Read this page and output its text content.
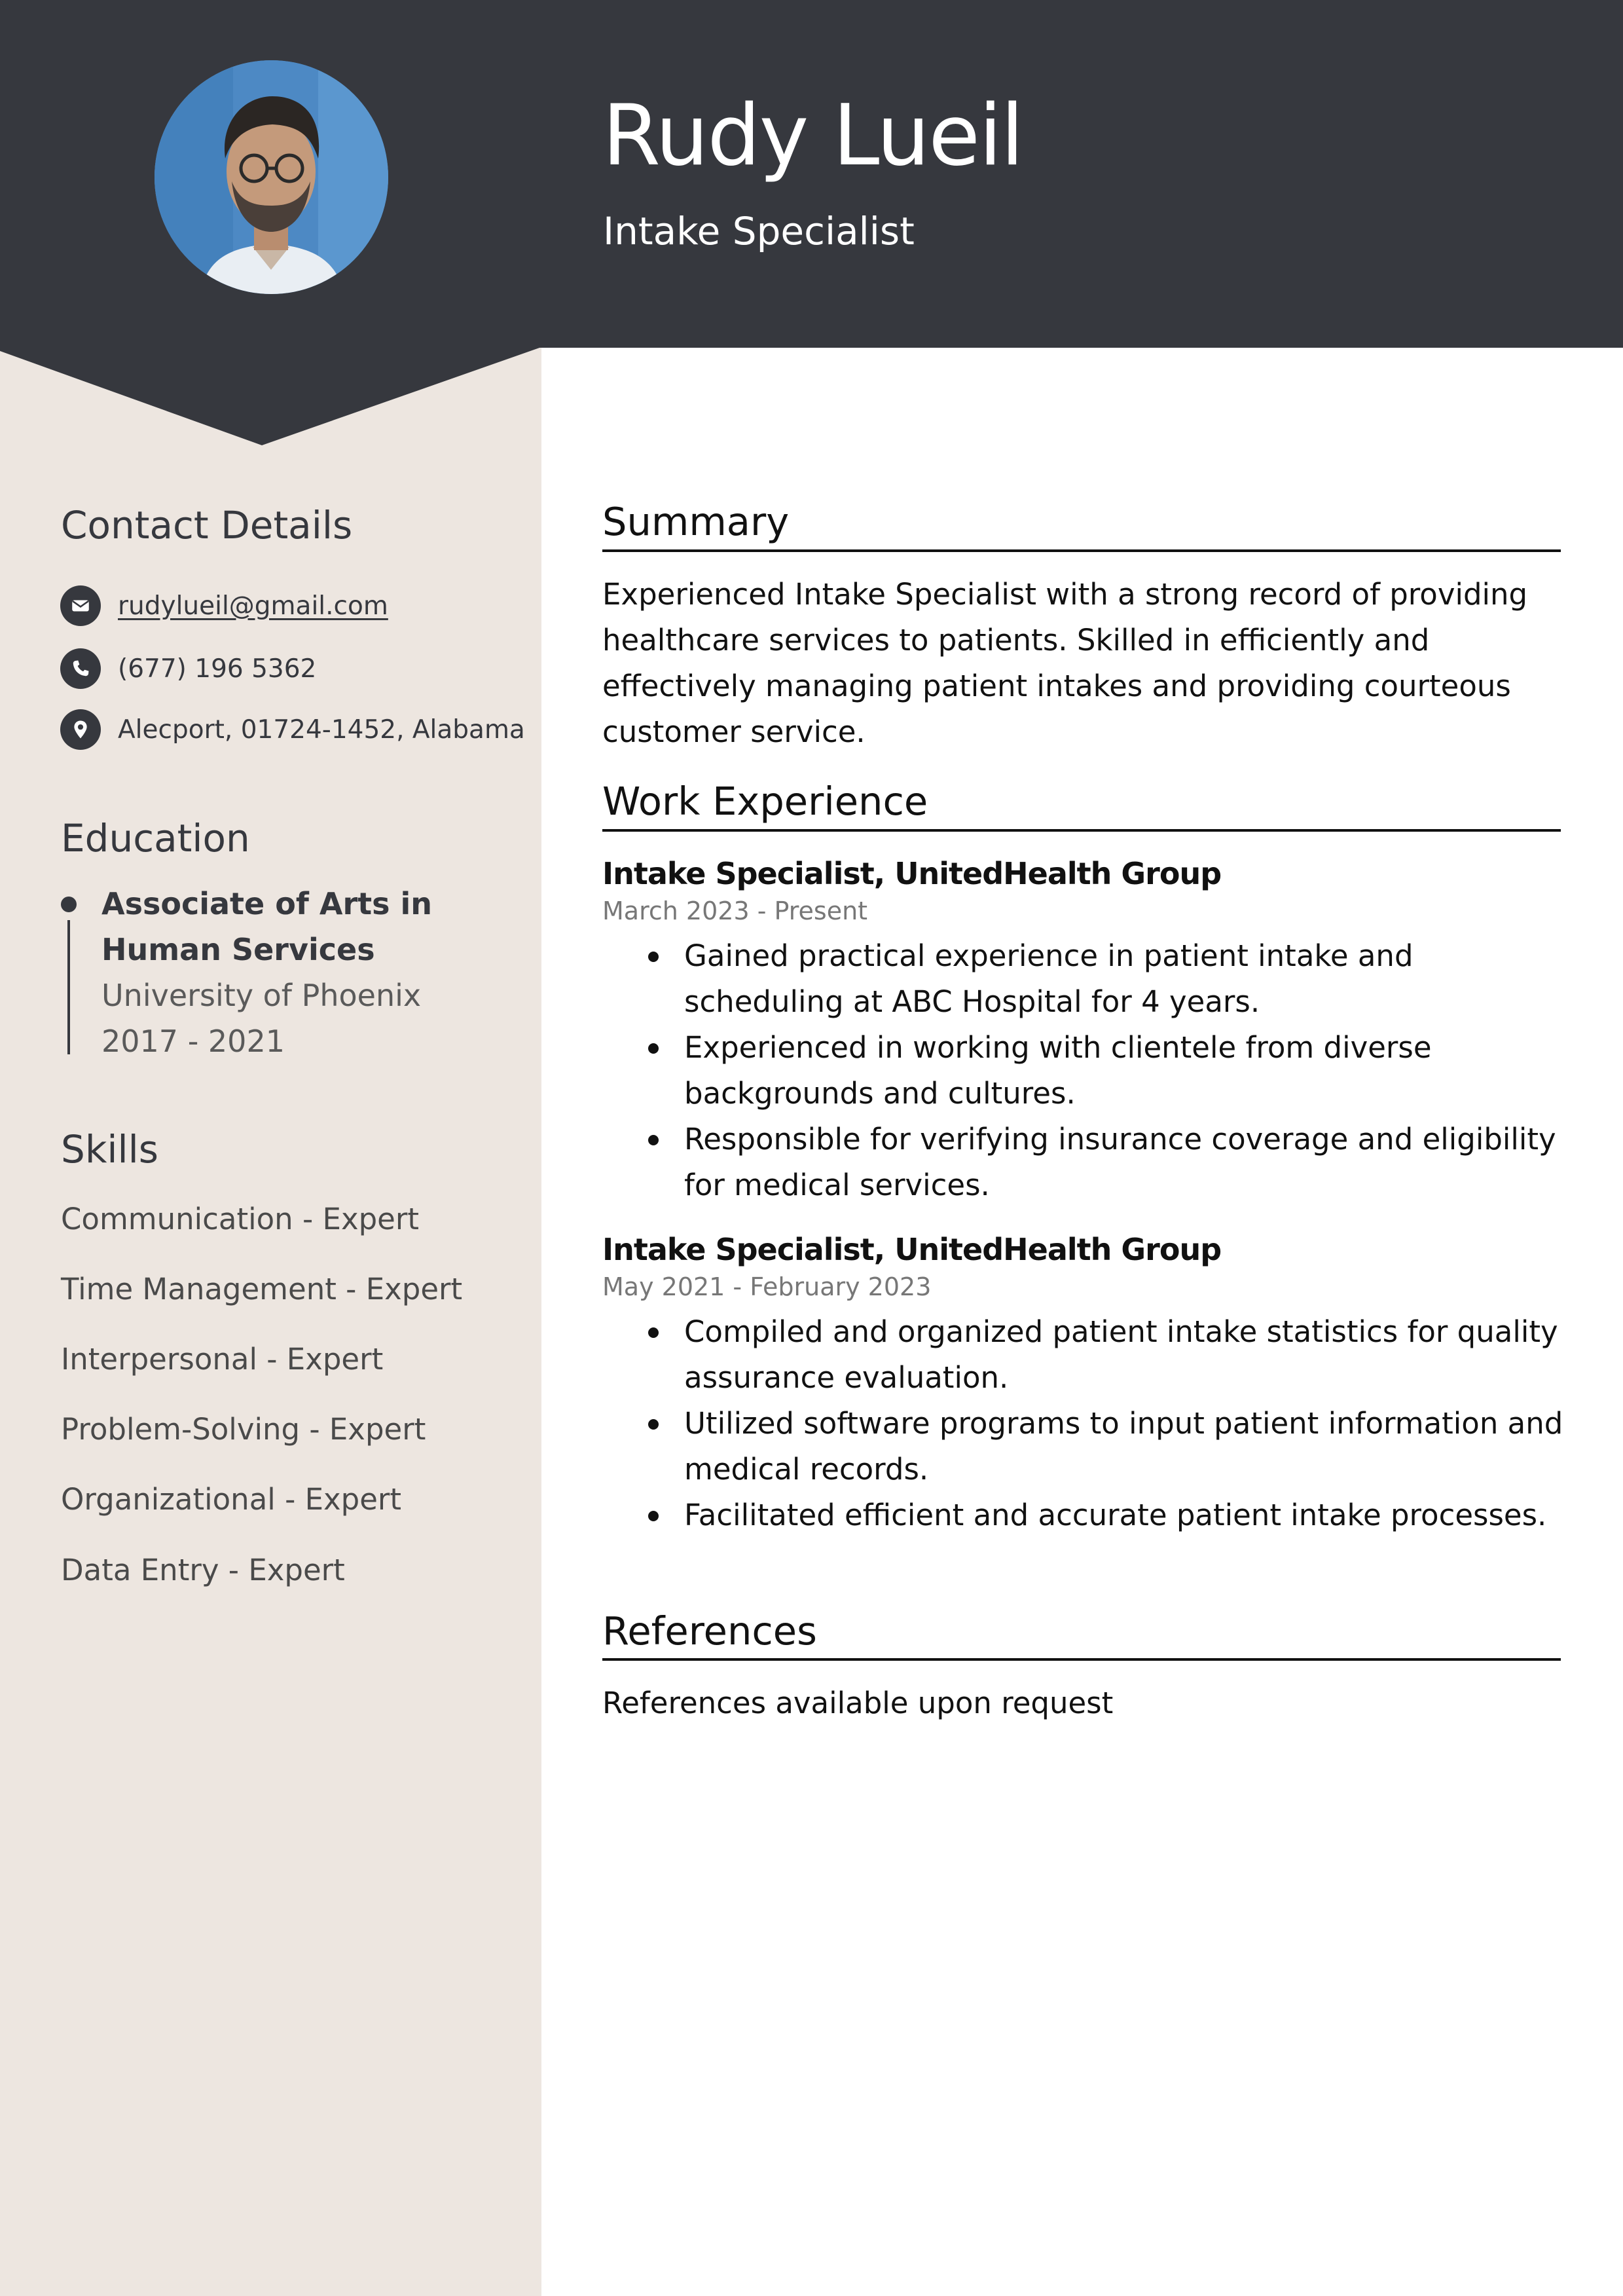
Rudy Lueil
Intake Specialist
Contact Details
rudylueil@gmail.com
(677) 196 5362
Alecport, 01724-1452, Alabama
Education
Associate of Arts in Human Services
University of Phoenix
2017 - 2021
Skills
Communication - Expert
Time Management - Expert
Interpersonal - Expert
Problem-Solving - Expert
Organizational - Expert
Data Entry - Expert
Summary
Experienced Intake Specialist with a strong record of providing healthcare services to patients. Skilled in efficiently and effectively managing patient intakes and providing courteous customer service.
Work Experience
Intake Specialist, UnitedHealth Group
March 2023 - Present
Gained practical experience in patient intake and scheduling at ABC Hospital for 4 years.
Experienced in working with clientele from diverse backgrounds and cultures.
Responsible for verifying insurance coverage and eligibility for medical services.
Intake Specialist, UnitedHealth Group
May 2021 - February 2023
Compiled and organized patient intake statistics for quality assurance evaluation.
Utilized software programs to input patient information and medical records.
Facilitated efficient and accurate patient intake processes.
References
References available upon request
